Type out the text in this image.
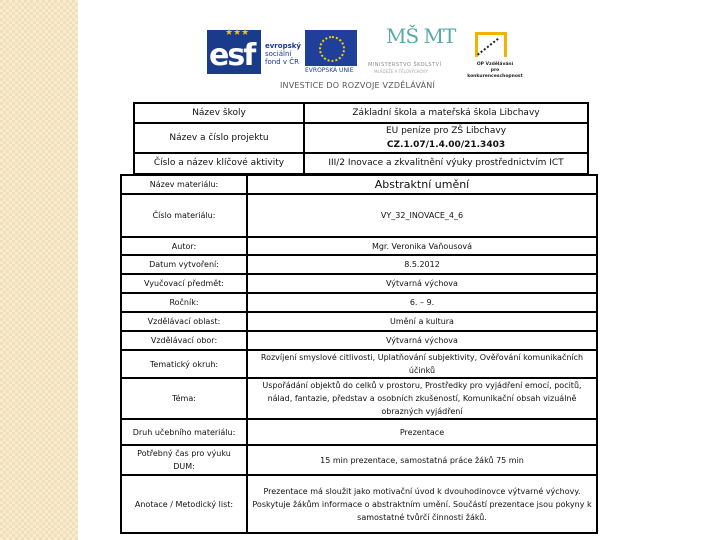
★★★
esf evropský
sociální
fond v ČR
EVROPSKÁ UNIE
MŠ MT
MINISTERSTVO ŠKOLSTVÍ
MLÁDEŽE A TĚLOVÝCHOVY
OP Vzdělávání
pro konkurenceschopnost
INVESTICE DO ROZVOJE VZDĚLÁVÁNÍ
Název školy	Základní škola a mateřská škola Libchavy
Název a číslo projektu	EU peníze pro ZŠ Libchavy
CZ.1.07/1.4.00/21.3403

Číslo a název klíčové aktivity	III/2 Inovace a zkvalitnění výuky prostřednictvím ICT
Název materiálu:	Abstraktní umění
Číslo materiálu:	VY_32_INOVACE_4_6
Autor:	Mgr. Veronika Vaňousová
Datum vytvoření:	8.5.2012
Vyučovací předmět:	Výtvarná výchova
Ročník:	6. – 9.
Vzdělávací oblast:	Umění a kultura
Vzdělávací obor:	Výtvarná výchova
Tematický okruh:	Rozvíjení smyslové citlivosti, Uplatňování subjektivity, Ověřování komunikačních účinků
Téma:	Uspořádání objektů do celků v prostoru, Prostředky pro vyjádření emocí, pocitů, nálad, fantazie, představ a osobních zkušeností, Komunikační obsah vizuálně obrazných vyjádření
Druh učebního materiálu:	Prezentace
Potřebný čas pro výuku DUM:	15 min prezentace, samostatná práce žáků 75 min
Anotace / Metodický list:	Prezentace má sloužit jako motivační úvod k dvouhodinovce výtvarné výchovy. Poskytuje žákům informace o abstraktním umění. Součástí prezentace jsou pokyny k samostatné tvůrčí činnosti žáků.
